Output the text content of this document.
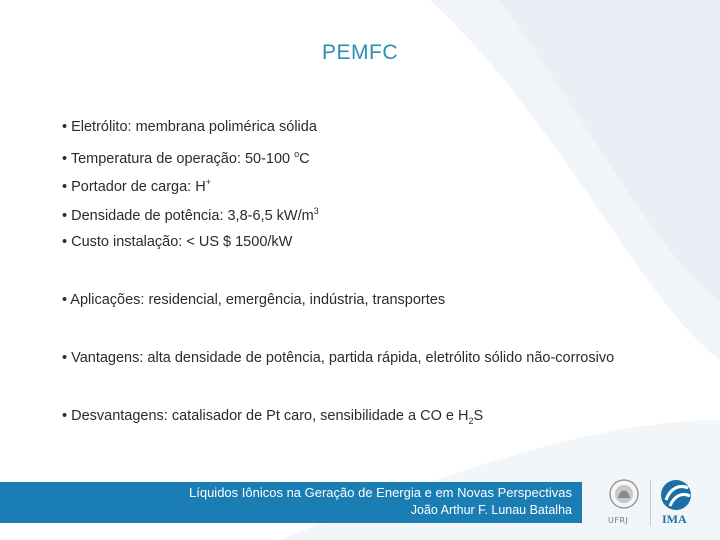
PEMFC
• Eletrólito: membrana polimérica sólida
• Temperatura de operação: 50-100 $^o$C
• Portador de carga: H+
• Densidade de potência: 3,8-6,5 $kW/m^3$
• Custo instalação: < US $ 1500/kW
• Aplicações: residencial, emergência, indústria, transportes
• Vantagens: alta densidade de potência, partida rápida, eletrólito sólido não-corrosivo
• Desvantagens: catalisador de Pt caro, sensibilidade a CO e $H_2S$
Líquidos Iônicos na Geração de Energia e em Novas Perspectivas
João Arthur F. Lunau Batalha
UFRJ	IMA
